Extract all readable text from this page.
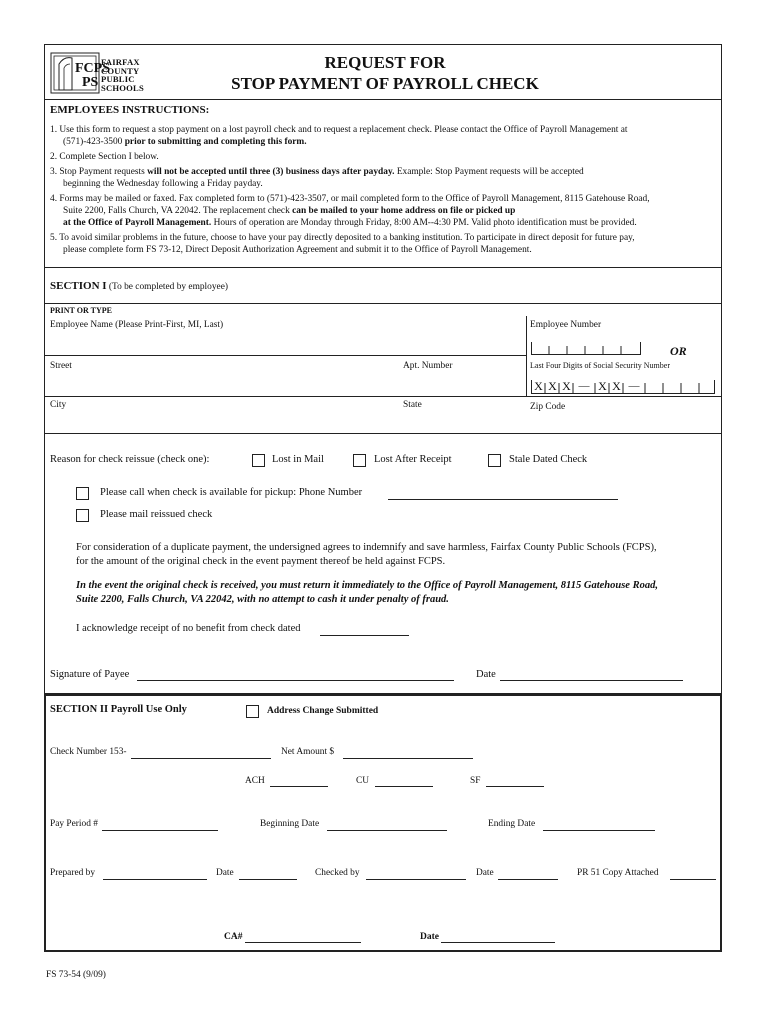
FCPS
PS
FAIRFAX
COUNTY
PUBLIC
SCHOOLS
REQUEST FOR
STOP PAYMENT OF PAYROLL CHECK
EMPLOYEES INSTRUCTIONS:
1. Use this form to request a stop payment on a lost payroll check and to request a replacement check. Please contact the Office of Payroll Management at
(571)-423-3500 prior to submitting and completing this form.
2. Complete Section I below.
3. Stop Payment requests will not be accepted until three (3) business days after payday. Example: Stop Payment requests will be accepted
beginning the Wednesday following a Friday payday.
4. Forms may be mailed or faxed. Fax completed form to (571)-423-3507, or mail completed form to the Office of Payroll Management, 8115 Gatehouse Road,
Suite 2200, Falls Church, VA 22042. The replacement check can be mailed to your home address on file or picked up
at the Office of Payroll Management. Hours of operation are Monday through Friday, 8:00 AM--4:30 PM. Valid photo identification must be provided.
5. To avoid similar problems in the future, choose to have your pay directly deposited to a banking institution. To participate in direct deposit for future pay,
please complete form FS 73-12, Direct Deposit Authorization Agreement and submit it to the Office of Payroll Management.
SECTION I (To be completed by employee)
PRINT OR TYPE
Employee Name (Please Print-First, MI, Last)	Employee Number
OR
Street	Apt. Number	Last Four Digits of Social Security Number
X X X — X X —
City	State	Zip Code
Reason for check reissue (check one):	Lost in Mail	Lost After Receipt	Stale Dated Check
Please call when check is available for pickup: Phone Number
Please mail reissued check
For consideration of a duplicate payment, the undersigned agrees to indemnify and save harmless, Fairfax County Public Schools (FCPS),
for the amount of the original check in the event payment thereof be held against FCPS.
In the event the original check is received, you must return it immediately to the Office of Payroll Management, 8115 Gatehouse Road,
Suite 2200, Falls Church, VA 22042, with no attempt to cash it under penalty of fraud.
I acknowledge receipt of no benefit from check dated
Signature of Payee	Date
SECTION II Payroll Use Only	Address Change Submitted
Check Number 153-	Net Amount $
ACH	CU	SF
Pay Period #	Beginning Date	Ending Date
Prepared by	Date	Checked by	Date	PR 51 Copy Attached
CA#	Date
FS 73-54 (9/09)
